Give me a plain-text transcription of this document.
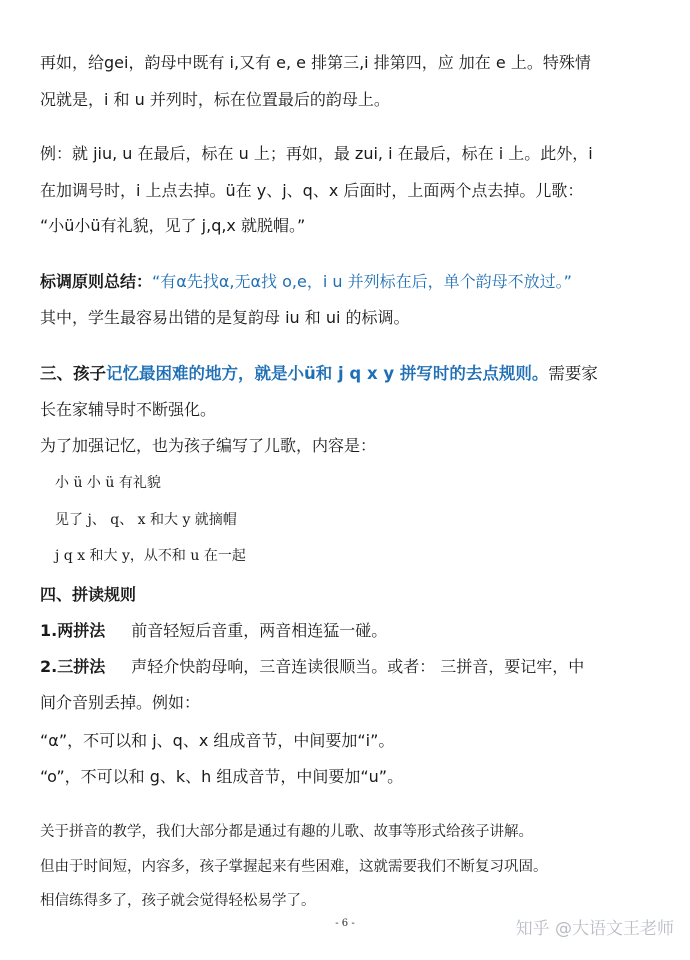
再如，给gei，韵母中既有 i,又有 e, e 排第三,i 排第四，应 加在 e 上。特殊情
况就是，i 和 u 并列时，标在位置最后的韵母上。
例：就 jiu, u 在最后，标在 u 上；再如，最 zui, i 在最后，标在 i 上。此外，i
在加调号时，i 上点去掉。ü在 y、j、q、x 后面时，上面两个点去掉。儿歌：
“小ü小ü有礼貌，见了 j,q,x 就脱帽。”
标调原则总结：“有α先找α,无α找 o,e，i u 并列标在后，单个韵母不放过。”
其中，学生最容易出错的是复韵母 iu 和 ui 的标调。
三、孩子记忆最困难的地方，就是小ü和 j q x y 拼写时的去点规则。需要家
长在家辅导时不断强化。
为了加强记忆，也为孩子编写了儿歌，内容是：
小 ü 小 ü 有礼貌
见了 j、 q、 x 和大 y 就摘帽
j q x 和大 y，从不和 u 在一起
四、拼读规则
1.两拼法 前音轻短后音重，两音相连猛一碰。
2.三拼法 声轻介快韵母响，三音连读很顺当。或者： 三拼音，要记牢，中
间介音别丢掉。例如：
“α”，不可以和 j、q、x 组成音节，中间要加“i”。
“o”，不可以和 g、k、h 组成音节，中间要加“u”。
关于拼音的教学，我们大部分都是通过有趣的儿歌、故事等形式给孩子讲解。
但由于时间短，内容多，孩子掌握起来有些困难，这就需要我们不断复习巩固。
相信练得多了，孩子就会觉得轻松易学了。
- 6 -	知乎 @大语文王老师
